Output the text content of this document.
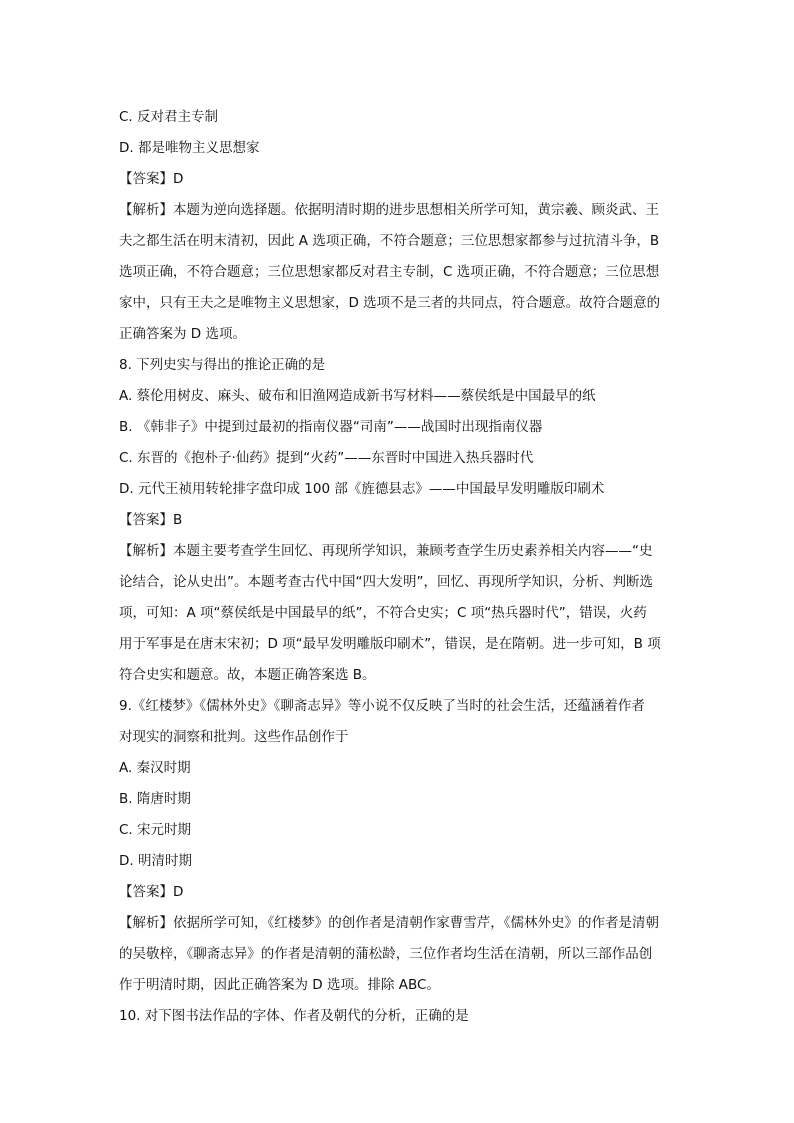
C. 反对君主专制

D. 都是唯物主义思想家

【答案】D

【解析】本题为逆向选择题。依据明清时期的进步思想相关所学可知，黄宗羲、顾炎武、王
夫之都生活在明末清初，因此 A 选项正确，不符合题意；三位思想家都参与过抗清斗争，B
选项正确，不符合题意；三位思想家都反对君主专制，C 选项正确，不符合题意；三位思想
家中，只有王夫之是唯物主义思想家，D 选项不是三者的共同点，符合题意。故符合题意的
正确答案为 D 选项。

8. 下列史实与得出的推论正确的是

A. 蔡伦用树皮、麻头、破布和旧渔网造成新书写材料——蔡侯纸是中国最早的纸

B. 《韩非子》中提到过最初的指南仪器“司南”——战国时出现指南仪器

C. 东晋的《抱朴子·仙药》提到“火药”——东晋时中国进入热兵器时代

D. 元代王祯用转轮排字盘印成 100 部《旌德县志》——中国最早发明雕版印刷术

【答案】B

【解析】本题主要考查学生回忆、再现所学知识，兼顾考查学生历史素养相关内容——“史
论结合，论从史出”。本题考查古代中国“四大发明”，回忆、再现所学知识，分析、判断选
项，可知：A 项“蔡侯纸是中国最早的纸”，不符合史实；C 项“热兵器时代”，错误，火药
用于军事是在唐末宋初；D 项“最早发明雕版印刷术”，错误，是在隋朝。进一步可知，B 项
符合史实和题意。故，本题正确答案选 B。
9.《红楼梦》《儒林外史》《聊斋志异》等小说不仅反映了当时的社会生活，还蕴涵着作者
对现实的洞察和批判。这些作品创作于

A. 秦汉时期

B. 隋唐时期

C. 宋元时期

D. 明清时期

【答案】D

【解析】依据所学可知，《红楼梦》的创作者是清朝作家曹雪芹，《儒林外史》的作者是清朝
的吴敬梓，《聊斋志异》的作者是清朝的蒲松龄，三位作者均生活在清朝，所以三部作品创
作于明清时期，因此正确答案为 D 选项。排除 ABC。

10. 对下图书法作品的字体、作者及朝代的分析，正确的是
